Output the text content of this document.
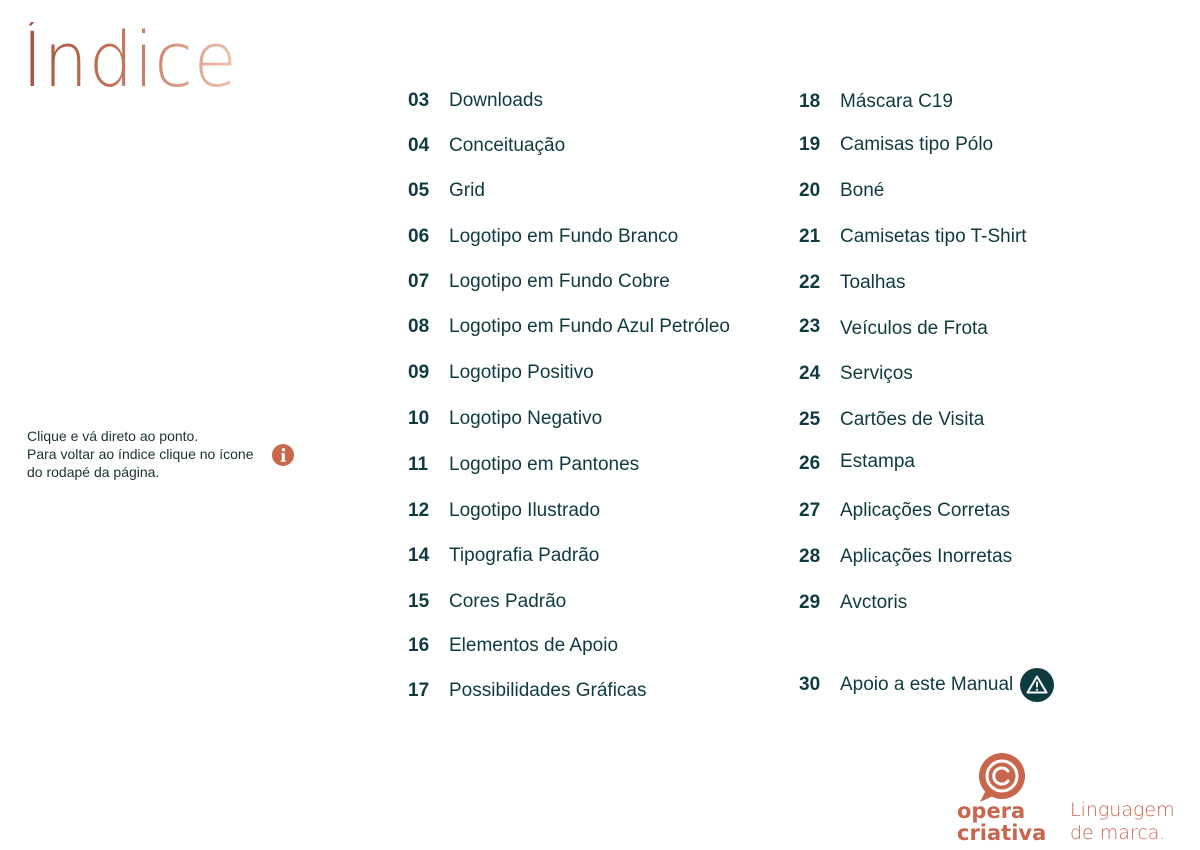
Índice
Clique e vá direto ao ponto.
Para voltar ao índice clique no ícone
do rodapé da página.
03	Downloads
04	Conceituação
05	Grid
06	Logotipo em Fundo Branco
07	Logotipo em Fundo Cobre
08	Logotipo em Fundo Azul Petróleo
09	Logotipo Positivo
10	Logotipo Negativo
11	Logotipo em Pantones
12	Logotipo Ilustrado
14	Tipografia Padrão
15	Cores Padrão
16	Elementos de Apoio
17	Possibilidades Gráficas
18	Máscara C19
19	Camisas tipo Pólo
20	Boné
21	Camisetas tipo T-Shirt
22	Toalhas
23	Veículos de Frota
24	Serviços
25	Cartões de Visita
26	Estampa
27	Aplicações Corretas
28	Aplicações Inorretas
29	Avctoris
30	Apoio a este Manual
opera
criativa
Linguagem
de marca.
